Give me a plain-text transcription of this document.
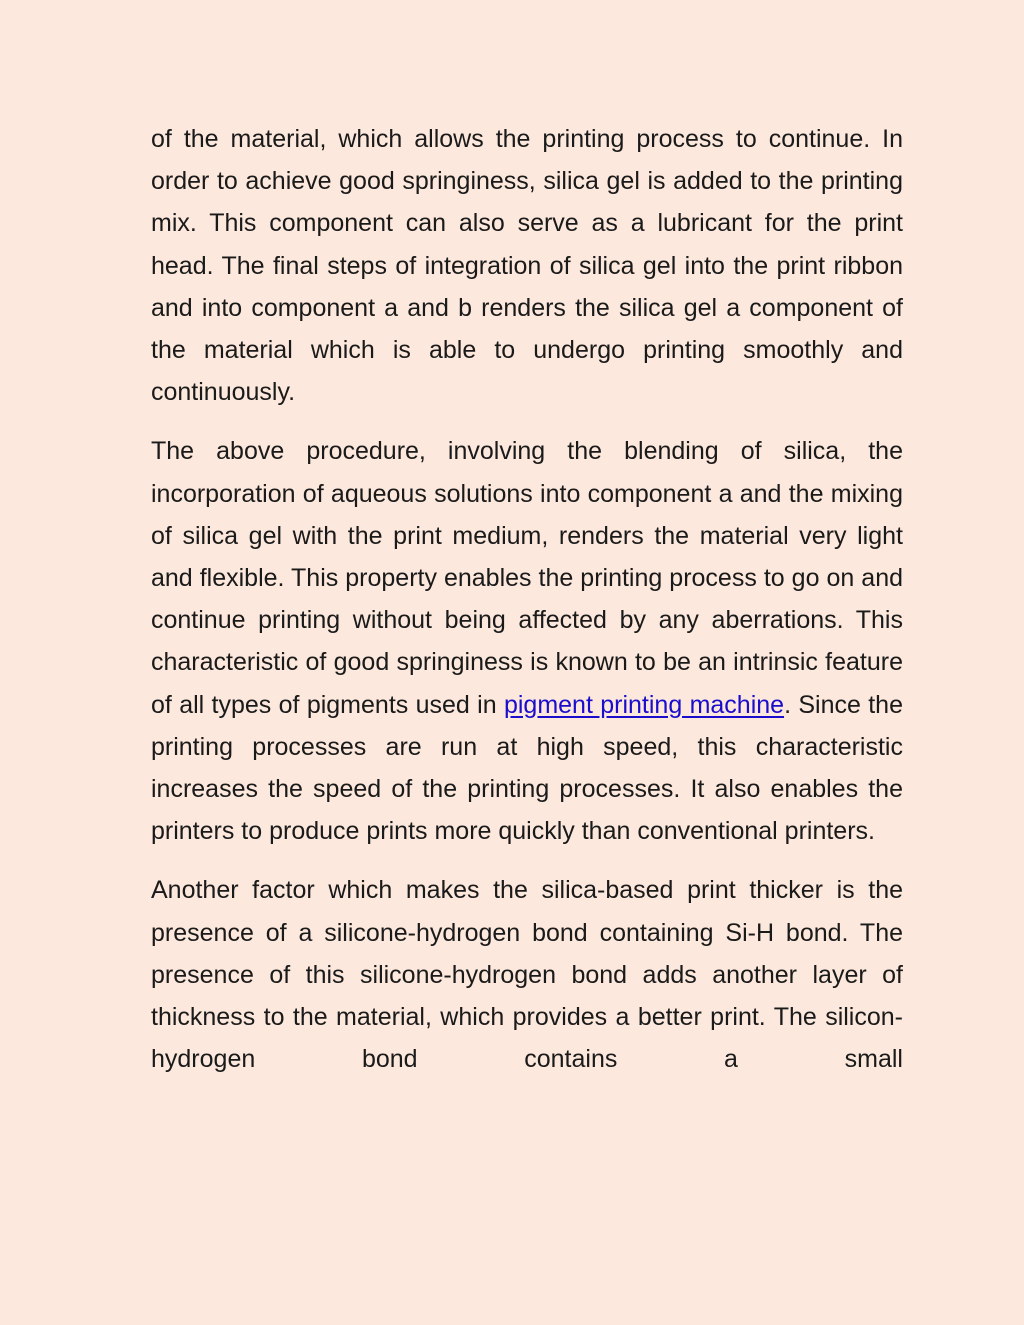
of the material, which allows the printing process to continue. In order to achieve good springiness, silica gel is added to the printing mix. This component can also serve as a lubricant for the print head. The final steps of integration of silica gel into the print ribbon and into component a and b renders the silica gel a component of the material which is able to undergo printing smoothly and continuously.

The above procedure, involving the blending of silica, the incorporation of aqueous solutions into component a and the mixing of silica gel with the print medium, renders the material very light and flexible. This property enables the printing process to go on and continue printing without being affected by any aberrations. This characteristic of good springiness is known to be an intrinsic feature of all types of pigments used in pigment printing machine. Since the printing processes are run at high speed, this characteristic increases the speed of the printing processes. It also enables the printers to produce prints more quickly than conventional printers.

Another factor which makes the silica-based print thicker is the presence of a silicone-hydrogen bond containing Si-H bond. The presence of this silicone-hydrogen bond adds another layer of thickness to the material, which provides a better print. The silicon-hydrogen bond contains a small
